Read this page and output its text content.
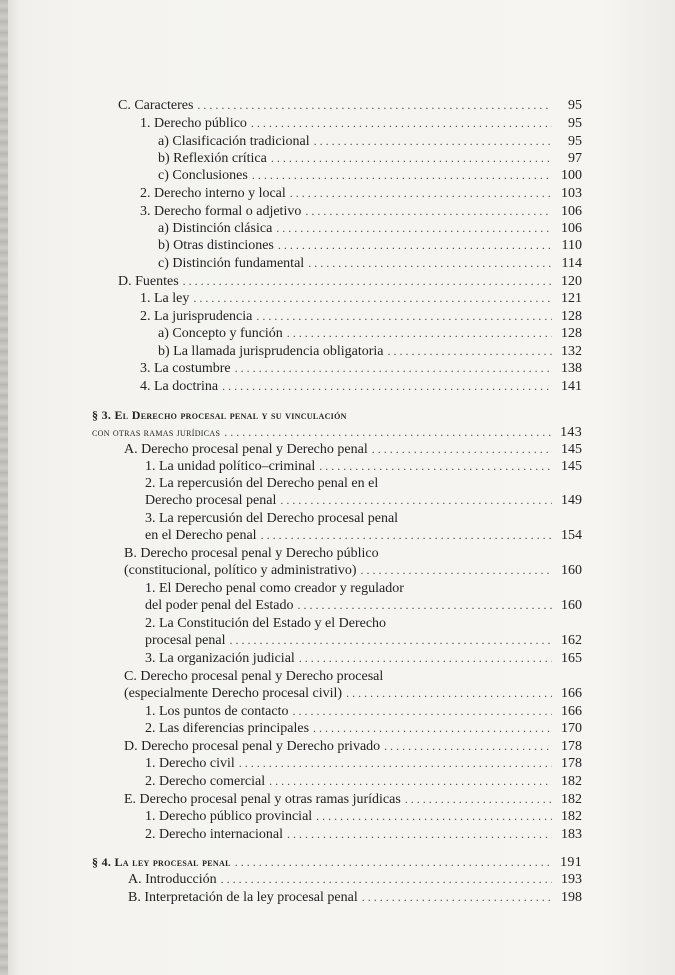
C. Caracteres . . .	95
1. Derecho público . . .	95
a) Clasificación tradicional . . .	95
b) Reflexión crítica . . .	97
c) Conclusiones . . .	100
2. Derecho interno y local . . .	103
3. Derecho formal o adjetivo . . .	106
a) Distinción clásica . . .	106
b) Otras distinciones . . .	110
c) Distinción fundamental . . .	114
D. Fuentes . . .	120
1. La ley . . .	121
2. La jurisprudencia . . .	128
a) Concepto y función . . .	128
b) La llamada jurisprudencia obligatoria . . .	132
3. La costumbre . . .	138
4. La doctrina . . .	141
§ 3. El Derecho procesal penal y su vinculación
con otras ramas jurídicas . . .	143
A. Derecho procesal penal y Derecho penal . . .	145
1. La unidad político–criminal . . .	145
2. La repercusión del Derecho penal en el
Derecho procesal penal . . .	149
3. La repercusión del Derecho procesal penal
en el Derecho penal . . .	154
B. Derecho procesal penal y Derecho público
(constitucional, político y administrativo) . . .	160
1. El Derecho penal como creador y regulador
del poder penal del Estado . . .	160
2. La Constitución del Estado y el Derecho
procesal penal . . .	162
3. La organización judicial . . .	165
C. Derecho procesal penal y Derecho procesal
(especialmente Derecho procesal civil) . . .	166
1. Los puntos de contacto . . .	166
2. Las diferencias principales . . .	170
D. Derecho procesal penal y Derecho privado . . .	178
1. Derecho civil . . .	178
2. Derecho comercial . . .	182
E. Derecho procesal penal y otras ramas jurídicas . . .	182
1. Derecho público provincial . . .	182
2. Derecho internacional . . .	183
§ 4. La ley procesal penal . . .	191
A. Introducción . . .	193
B. Interpretación de la ley procesal penal . . .	198
